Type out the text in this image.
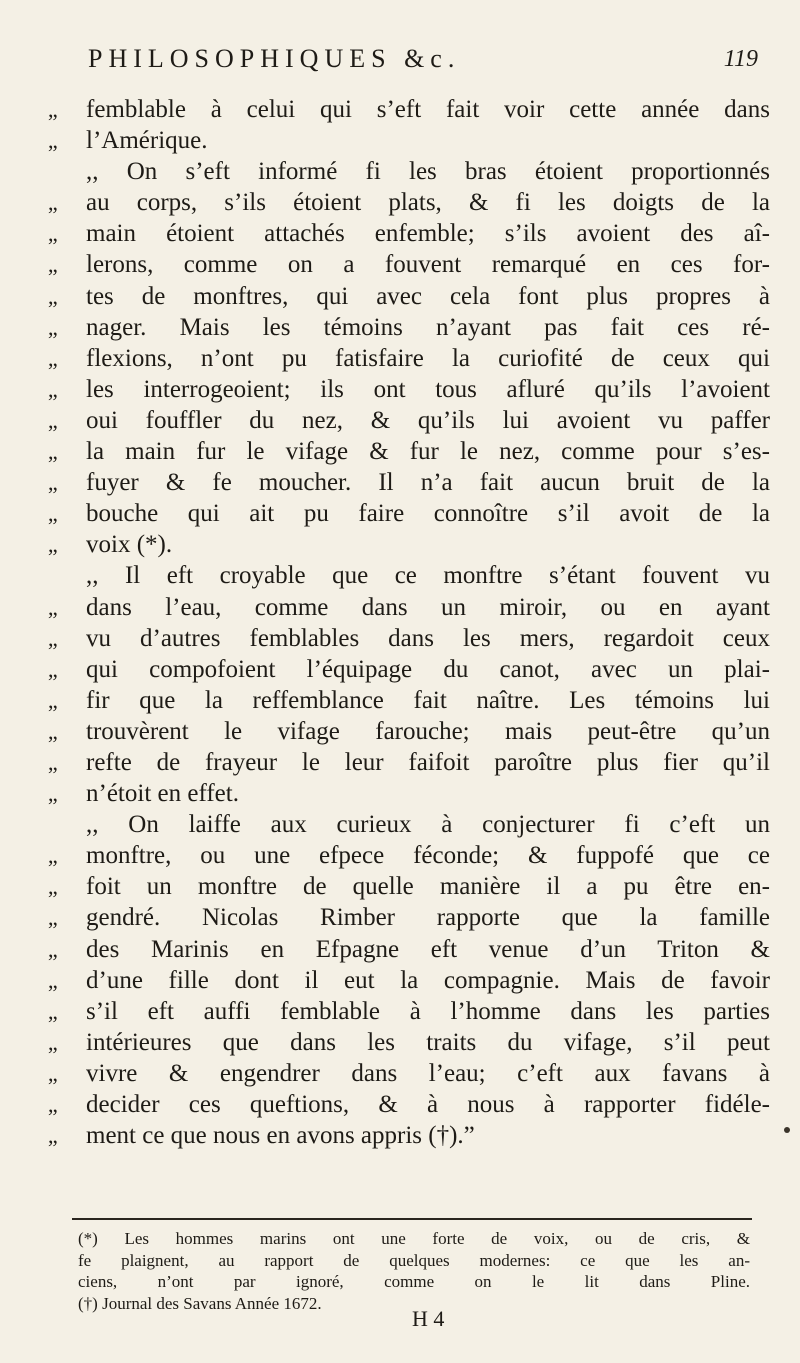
PHILOSOPHIQUES &c.	119
,,	femblable à celui qui s’eft fait voir cette année dans
,,	l’Amérique.
,, On s’eft informé fi les bras étoient proportionnés
,,	au corps, s’ils étoient plats, & fi les doigts de la
,,	main étoient attachés enfemble; s’ils avoient des aî-
,,	lerons, comme on a fouvent remarqué en ces for-
,,	tes de monftres, qui avec cela font plus propres à
,,	nager. Mais les témoins n’ayant pas fait ces ré-
,,	flexions, n’ont pu fatisfaire la curiofité de ceux qui
,,	les interrogeoient; ils ont tous afluré qu’ils l’avoient
,,	oui fouffler du nez, & qu’ils lui avoient vu paffer
,,	la main fur le vifage & fur le nez, comme pour s’es-
,,	fuyer & fe moucher. Il n’a fait aucun bruit de la
,,	bouche qui ait pu faire connoître s’il avoit de la
,,	voix (*).
,, Il eft croyable que ce monftre s’étant fouvent vu
,,	dans l’eau, comme dans un miroir, ou en ayant
,,	vu d’autres femblables dans les mers, regardoit ceux
,,	qui compofoient l’équipage du canot, avec un plai-
,,	fir que la reffemblance fait naître. Les témoins lui
,,	trouvèrent le vifage farouche; mais peut-être qu’un
,,	refte de frayeur le leur faifoit paroître plus fier qu’il
,,	n’étoit en effet.
,, On laiffe aux curieux à conjecturer fi c’eft un
,,	monftre, ou une efpece féconde; & fuppofé que ce
,,	foit un monftre de quelle manière il a pu être en-
,,	gendré. Nicolas Rimber rapporte que la famille
,,	des Marinis en Efpagne eft venue d’un Triton &
,,	d’une fille dont il eut la compagnie. Mais de favoir
,,	s’il eft auffi femblable à l’homme dans les parties
,,	intérieures que dans les traits du vifage, s’il peut
,,	vivre & engendrer dans l’eau; c’eft aux favans à
,,	decider ces queftions, & à nous à rapporter fidéle-
,,	ment ce que nous en avons appris (†).”
(*) Les hommes marins ont une forte de voix, ou de cris, &
fe plaignent, au rapport de quelques modernes: ce que les an-
ciens, n’ont par ignoré, comme on le lit dans Pline.
(†) Journal des Savans Année 1672.
H 4
